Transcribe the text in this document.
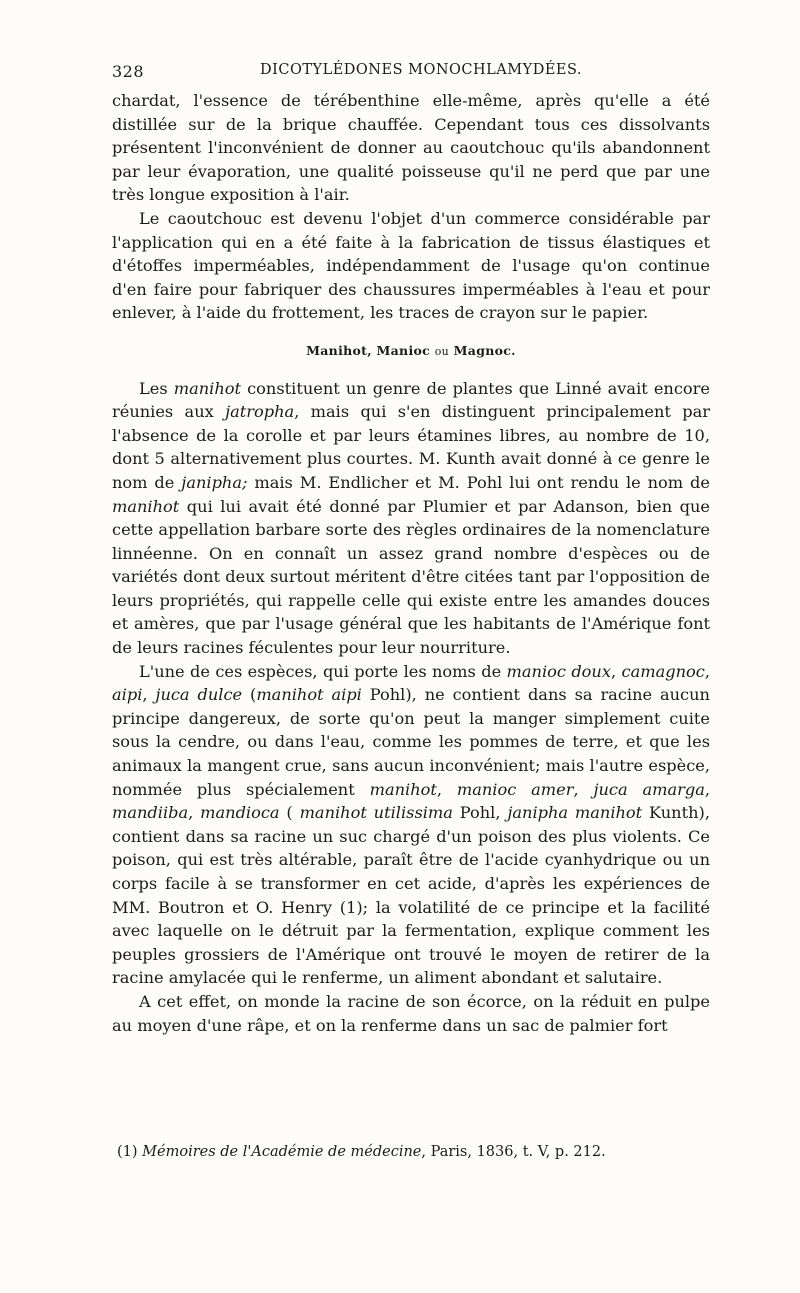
328	DICOTYLÉDONES MONOCHLAMYDÉES.

chardat, l'essence de térébenthine elle-même, après qu'elle a été distillée sur de la brique chauffée. Cependant tous ces dissolvants présentent l'inconvénient de donner au caoutchouc qu'ils abandonnent par leur évaporation, une qualité poisseuse qu'il ne perd que par une très longue exposition à l'air.

Le caoutchouc est devenu l'objet d'un commerce considérable par l'application qui en a été faite à la fabrication de tissus élastiques et d'étoffes imperméables, indépendamment de l'usage qu'on continue d'en faire pour fabriquer des chaussures imperméables à l'eau et pour enlever, à l'aide du frottement, les traces de crayon sur le papier.

Manihot, Manioc ou Magnoc.

Les manihot constituent un genre de plantes que Linné avait encore réunies aux jatropha, mais qui s'en distinguent principalement par l'absence de la corolle et par leurs étamines libres, au nombre de 10, dont 5 alternativement plus courtes. M. Kunth avait donné à ce genre le nom de janipha; mais M. Endlicher et M. Pohl lui ont rendu le nom de manihot qui lui avait été donné par Plumier et par Adanson, bien que cette appellation barbare sorte des règles ordinaires de la nomenclature linnéenne. On en connaît un assez grand nombre d'espèces ou de variétés dont deux surtout méritent d'être citées tant par l'opposition de leurs propriétés, qui rappelle celle qui existe entre les amandes douces et amères, que par l'usage général que les habitants de l'Amérique font de leurs racines féculentes pour leur nourriture.

L'une de ces espèces, qui porte les noms de manioc doux, camagnoc, aipi, juca dulce (manihot aipi Pohl), ne contient dans sa racine aucun principe dangereux, de sorte qu'on peut la manger simplement cuite sous la cendre, ou dans l'eau, comme les pommes de terre, et que les animaux la mangent crue, sans aucun inconvénient; mais l'autre espèce, nommée plus spécialement manihot, manioc amer, juca amarga, mandiiba, mandioca ( manihot utilissima Pohl, janipha manihot Kunth), contient dans sa racine un suc chargé d'un poison des plus violents. Ce poison, qui est très altérable, paraît être de l'acide cyanhydrique ou un corps facile à se transformer en cet acide, d'après les expériences de MM. Boutron et O. Henry (1); la volatilité de ce principe et la facilité avec laquelle on le détruit par la fermentation, explique comment les peuples grossiers de l'Amérique ont trouvé le moyen de retirer de la racine amylacée qui le renferme, un aliment abondant et salutaire.

A cet effet, on monde la racine de son écorce, on la réduit en pulpe au moyen d'une râpe, et on la renferme dans un sac de palmier fort

(1) Mémoires de l'Académie de médecine, Paris, 1836, t. V, p. 212.
